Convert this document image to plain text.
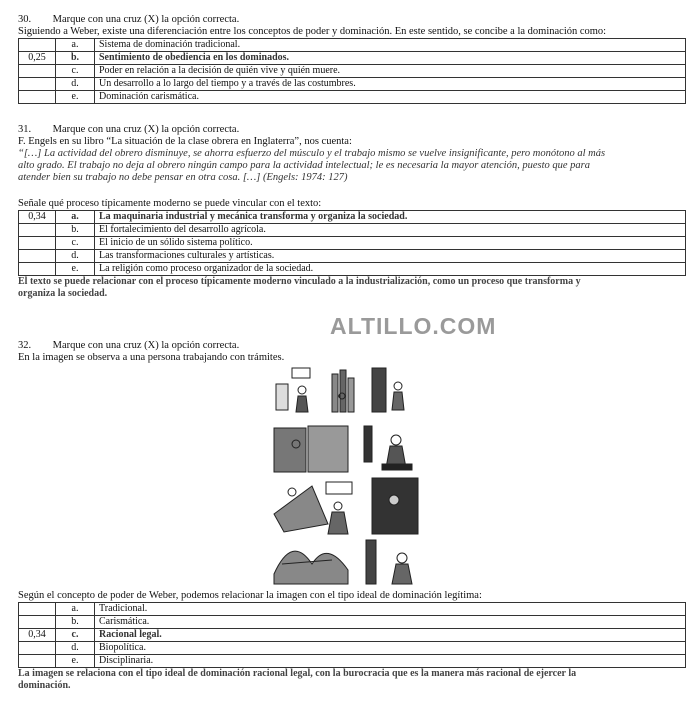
30. Marque con una cruz (X) la opción correcta.
Siguiendo a Weber, existe una diferenciación entre los conceptos de poder y dominación. En este sentido, se concibe a la dominación como:
	a.	Sistema de dominación tradicional.
0,25	b.	Sentimiento de obediencia en los dominados.
	c.	Poder en relación a la decisión de quién vive y quién muere.
	d.	Un desarrollo a lo largo del tiempo y a través de las costumbres.
	e.	Dominación carismática.
31. Marque con una cruz (X) la opción correcta.
F. Engels en su libro “La situación de la clase obrera en Inglaterra”, nos cuenta:
“[…] La actividad del obrero disminuye, se ahorra esfuerzo del músculo y el trabajo mismo se vuelve insignificante, pero monótono al más
alto grado. El trabajo no deja al obrero ningún campo para la actividad intelectual; le es necesaria la mayor atención, puesto que para
atender bien su trabajo no debe pensar en otra cosa. […] (Engels: 1974: 127)
Señale qué proceso típicamente moderno se puede vincular con el texto:
0,34	a.	La maquinaria industrial y mecánica transforma y organiza la sociedad.
	b.	El fortalecimiento del desarrollo agrícola.
	c.	El inicio de un sólido sistema político.
	d.	Las transformaciones culturales y artísticas.
	e.	La religión como proceso organizador de la sociedad.
El texto se puede relacionar con el proceso típicamente moderno vinculado a la industrialización, como un proceso que transforma y
organiza la sociedad.
ALTILLO.COM
32. Marque con una cruz (X) la opción correcta.
En la imagen se observa a una persona trabajando con trámites.
Según el concepto de poder de Weber, podemos relacionar la imagen con el tipo ideal de dominación legítima:
	a.	Tradicional.
	b.	Carismática.
0,34	c.	Racional legal.
	d.	Biopolítica.
	e.	Disciplinaria.
La imagen se relaciona con el tipo ideal de dominación racional legal, con la burocracia que es la manera más racional de ejercer la
dominación.
